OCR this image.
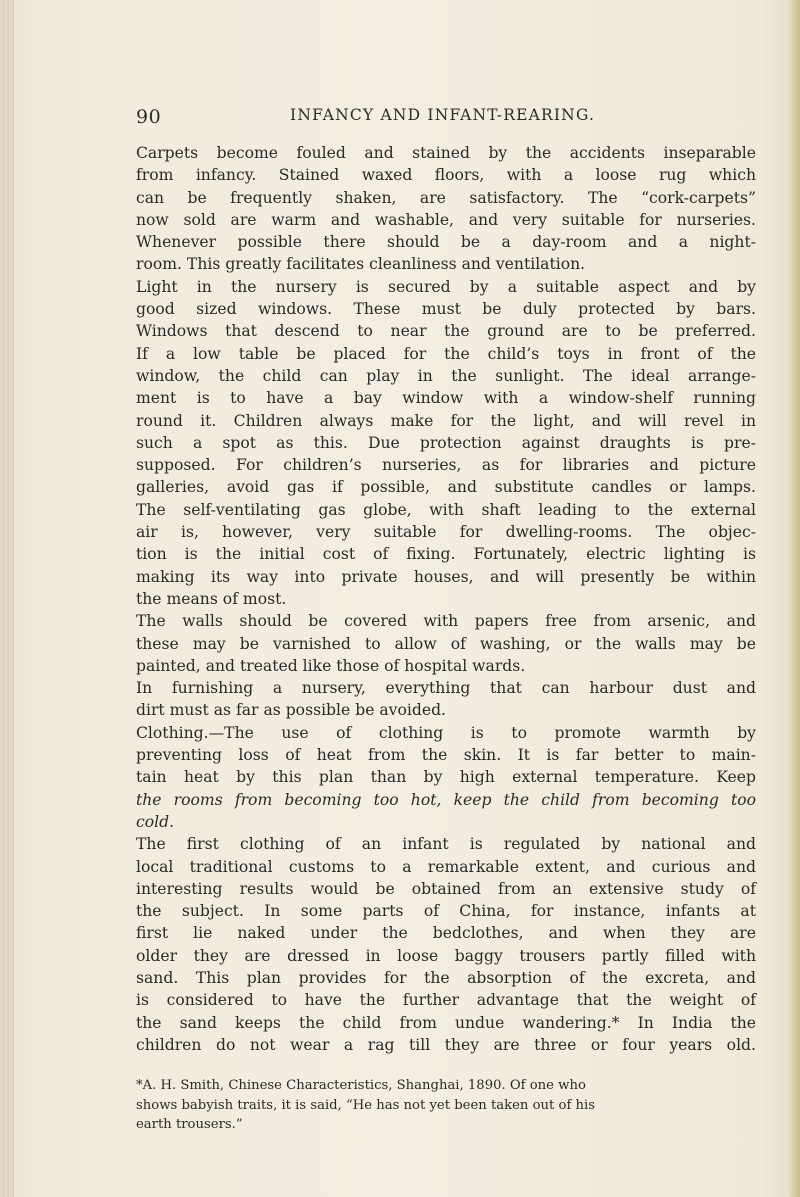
90	INFANCY AND INFANT-REARING.
Carpets become fouled and stained by the accidents inseparable
from infancy. Stained waxed floors, with a loose rug which
can be frequently shaken, are satisfactory. The “cork-carpets”
now sold are warm and washable, and very suitable for nurseries.
Whenever possible there should be a day-room and a night-
room. This greatly facilitates cleanliness and ventilation.
Light in the nursery is secured by a suitable aspect and by
good sized windows. These must be duly protected by bars.
Windows that descend to near the ground are to be preferred.
If a low table be placed for the child’s toys in front of the
window, the child can play in the sunlight. The ideal arrange-
ment is to have a bay window with a window-shelf running
round it. Children always make for the light, and will revel in
such a spot as this. Due protection against draughts is pre-
supposed. For children’s nurseries, as for libraries and picture
galleries, avoid gas if possible, and substitute candles or lamps.
The self-ventilating gas globe, with shaft leading to the external
air is, however, very suitable for dwelling-rooms. The objec-
tion is the initial cost of fixing. Fortunately, electric lighting is
making its way into private houses, and will presently be within
the means of most.
The walls should be covered with papers free from arsenic, and
these may be varnished to allow of washing, or the walls may be
painted, and treated like those of hospital wards.
In furnishing a nursery, everything that can harbour dust and
dirt must as far as possible be avoided.
Clothing.—The use of clothing is to promote warmth by
preventing loss of heat from the skin. It is far better to main-
tain heat by this plan than by high external temperature. Keep
the rooms from becoming too hot, keep the child from becoming too
cold.
The first clothing of an infant is regulated by national and
local traditional customs to a remarkable extent, and curious and
interesting results would be obtained from an extensive study of
the subject. In some parts of China, for instance, infants at
first lie naked under the bedclothes, and when they are
older they are dressed in loose baggy trousers partly filled with
sand. This plan provides for the absorption of the excreta, and
is considered to have the further advantage that the weight of
the sand keeps the child from undue wandering.* In India the
children do not wear a rag till they are three or four years old.
*A. H. Smith, Chinese Characteristics, Shanghai, 1890. Of one who
shows babyish traits, it is said, “He has not yet been taken out of his
earth trousers.”
